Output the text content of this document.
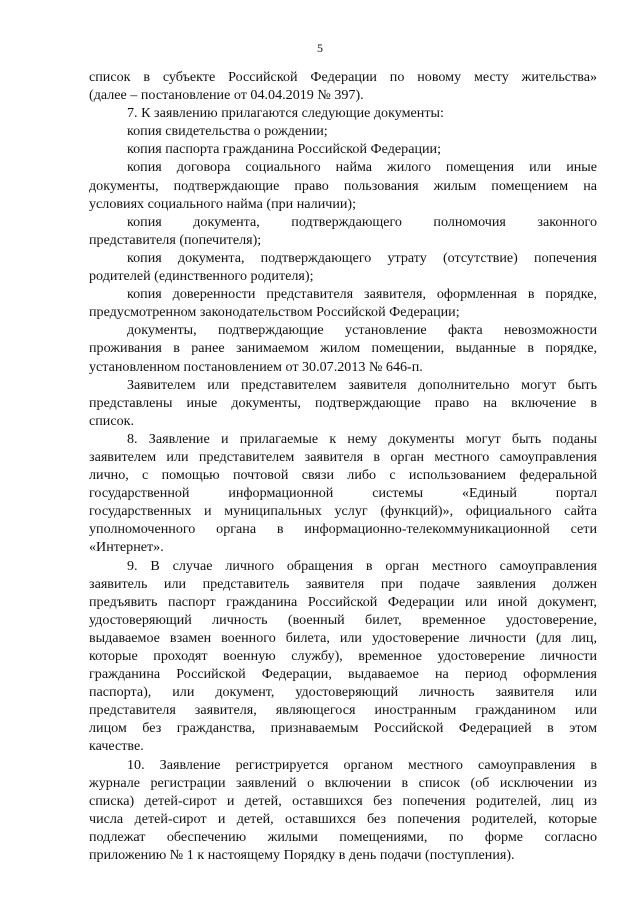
5
список в субъекте Российской Федерации по новому месту жительства»
(далее – постановление от 04.04.2019 № 397).
7. К заявлению прилагаются следующие документы:
копия свидетельства о рождении;
копия паспорта гражданина Российской Федерации;
копия договора социального найма жилого помещения или иные
документы, подтверждающие право пользования жилым помещением на
условиях социального найма (при наличии);
копия документа, подтверждающего полномочия законного
представителя (попечителя);
копия документа, подтверждающего утрату (отсутствие) попечения
родителей (единственного родителя);
копия доверенности представителя заявителя, оформленная в порядке,
предусмотренном законодательством Российской Федерации;
документы, подтверждающие установление факта невозможности
проживания в ранее занимаемом жилом помещении, выданные в порядке,
установленном постановлением от 30.07.2013 № 646-п.
Заявителем или представителем заявителя дополнительно могут быть
представлены иные документы, подтверждающие право на включение в
список.
8. Заявление и прилагаемые к нему документы могут быть поданы
заявителем или представителем заявителя в орган местного самоуправления
лично, с помощью почтовой связи либо с использованием федеральной
государственной информационной системы «Единый портал
государственных и муниципальных услуг (функций)», официального сайта
уполномоченного органа в информационно-телекоммуникационной сети
«Интернет».
9. В случае личного обращения в орган местного самоуправления
заявитель или представитель заявителя при подаче заявления должен
предъявить паспорт гражданина Российской Федерации или иной документ,
удостоверяющий личность (военный билет, временное удостоверение,
выдаваемое взамен военного билета, или удостоверение личности (для лиц,
которые проходят военную службу), временное удостоверение личности
гражданина Российской Федерации, выдаваемое на период оформления
паспорта), или документ, удостоверяющий личность заявителя или
представителя заявителя, являющегося иностранным гражданином или
лицом без гражданства, признаваемым Российской Федерацией в этом
качестве.
10. Заявление регистрируется органом местного самоуправления в
журнале регистрации заявлений о включении в список (об исключении из
списка) детей-сирот и детей, оставшихся без попечения родителей, лиц из
числа детей-сирот и детей, оставшихся без попечения родителей, которые
подлежат обеспечению жилыми помещениями, по форме согласно
приложению № 1 к настоящему Порядку в день подачи (поступления).
